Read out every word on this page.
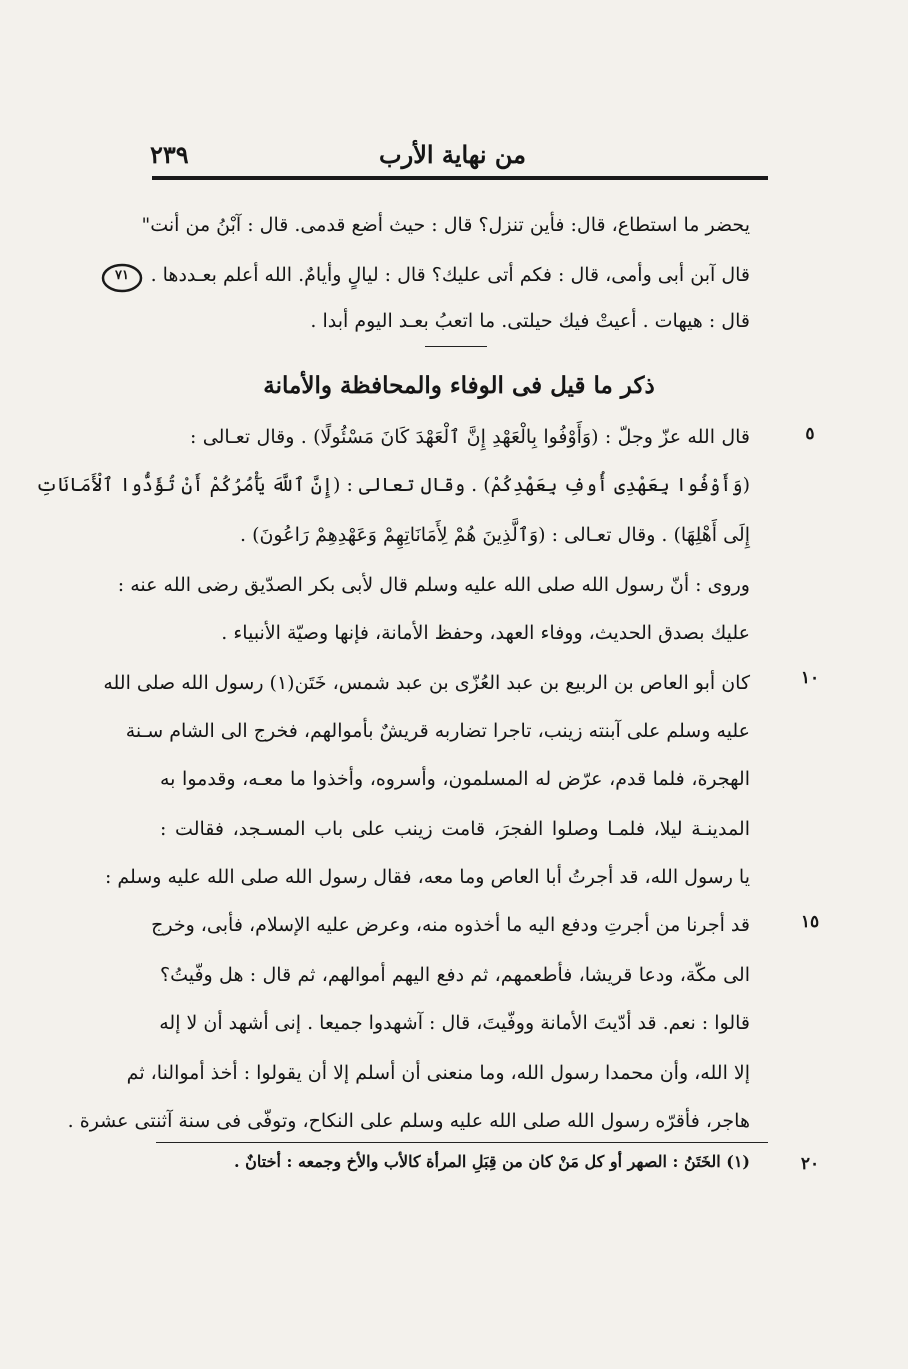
من نهاية الأرب
٢٣٩
٧١
يحضر ما استطاع، قال: فأين تنزل؟ قال : حيث أضع قدمى. قال : آبْنُ من أنت"
قال آبن أبى وأمى، قال : فكم أتى عليك؟ قال : ليالٍ وأيامٌ. الله أعلم بعـددها .
قال : هيهات . أعيتْ فيك حيلتى. ما اتعبُ بعـد اليوم أبدا .
ذكر ما قيل فى الوفاء والمحافظة والأمانة
٥
قال الله عزّ وجلّ : (وَأَوْفُوا بِالْعَهْدِ إِنَّ ٱلْعَهْدَ كَانَ مَسْئُولًا) . وقال تعـالى :
(وَأَوْفُوا بِعَهْدِى أُوفِ بِعَهْدِكُمْ) . وقال تعالى : (إِنَّ ٱللَّهَ يَأْمُرُكُمْ أَنْ تُؤَدُّوا ٱلْأَمَانَاتِ
إِلَى أَهْلِهَا) . وقال تعـالى : (وَٱلَّذِينَ هُمْ لِأَمَانَاتِهِمْ وَعَهْدِهِمْ رَاعُونَ) .
وروى : أنّ رسول الله صلى الله عليه وسلم قال لأبى بكر الصدّيق رضى الله عنه :
عليك بصدق الحديث، ووفاء العهد، وحفظ الأمانة، فإنها وصيّة الأنبياء .
١٠
كان أبو العاص بن الربيع بن عبد العُزّى بن عبد شمس، خَتَن(١) رسول الله صلى الله
عليه وسلم على آبنته زينب، تاجرا تضاربه قريشٌ بأموالهم، فخرج الى الشام سـنة
الهجرة، فلما قدم، عرّض له المسلمون، وأسروه، وأخذوا ما معـه، وقدموا به
المدينـة ليلا، فلمـا وصلوا الفجرَ، قامت زينب على باب المسـجد، فقالت :
يا رسول الله، قد أجرتُ أبا العاص وما معه، فقال رسول الله صلى الله عليه وسلم :
١٥
قد أجرنا من أجرتِ ودفع اليه ما أخذوه منه، وعرض عليه الإسلام، فأبى، وخرج
الى مكّة، ودعا قريشا، فأطعمهم، ثم دفع اليهم أموالهم، ثم قال : هل وفّيتُ؟
قالوا : نعم. قد أدّيتَ الأمانة ووفّيتَ، قال : آشهدوا جميعا . إنى أشهد أن لا إله
إلا الله، وأن محمدا رسول الله، وما منعنى أن أسلم إلا أن يقولوا : أخذ أموالنا، ثم
هاجر، فأقرّه رسول الله صلى الله عليه وسلم على النكاح، وتوفّى فى سنة آثنتى عشرة .
٢٠
(١) الخَتَنُ : الصهر أو كل مَنْ كان من قِبَلِ المرأة كالأب والأخ وجمعه : أختانٌ .
